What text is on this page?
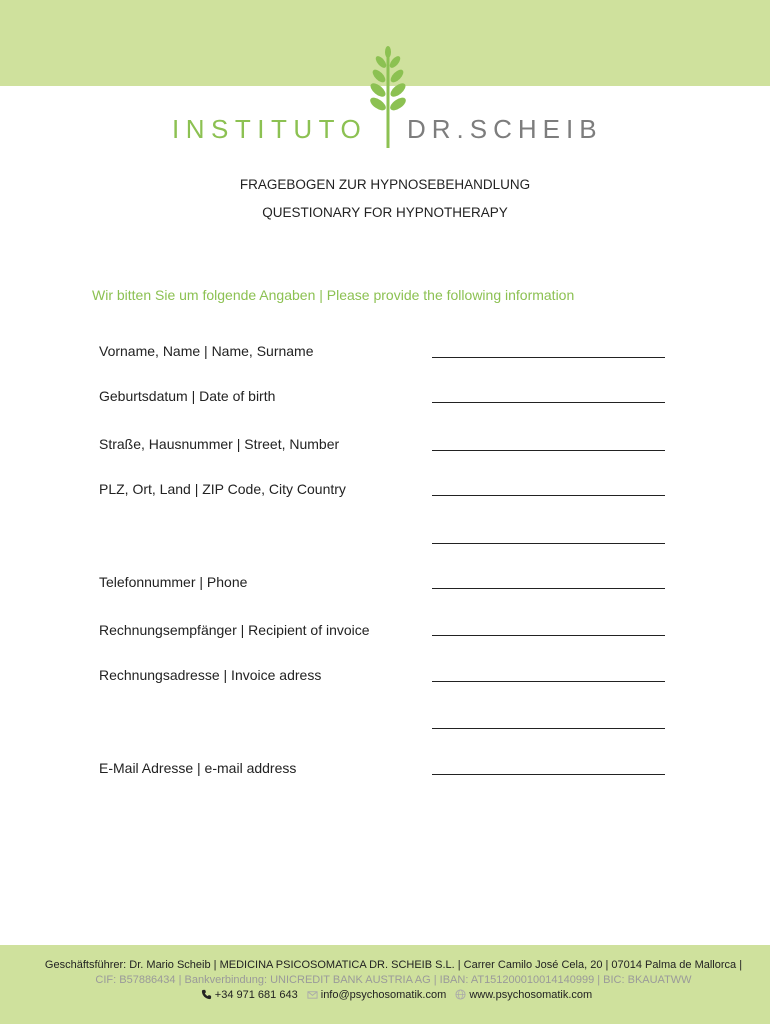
INSTITUTO DR.SCHEIB
FRAGEBOGEN ZUR HYPNOSEBEHANDLUNG
QUESTIONARY FOR HYPNOTHERAPY
Wir bitten Sie um folgende Angaben | Please provide the following information
Vorname, Name | Name, Surname
Geburtsdatum | Date of birth
Straße, Hausnummer | Street, Number
PLZ, Ort, Land | ZIP Code, City Country
Telefonnummer | Phone
Rechnungsempfänger | Recipient of invoice
Rechnungsadresse | Invoice adress
E-Mail Adresse | e-mail address
Geschäftsführer: Dr. Mario Scheib | MEDICINA PSICOSOMATICA DR. SCHEIB S.L. | Carrer Camilo José Cela, 20 | 07014 Palma de Mallorca |
CIF: B57886434 | Bankverbindung: UNICREDIT BANK AUSTRIA AG | IBAN: AT151200010014140999 | BIC: BKAUATWW
+34 971 681 643 info@psychosomatik.com www.psychosomatik.com
